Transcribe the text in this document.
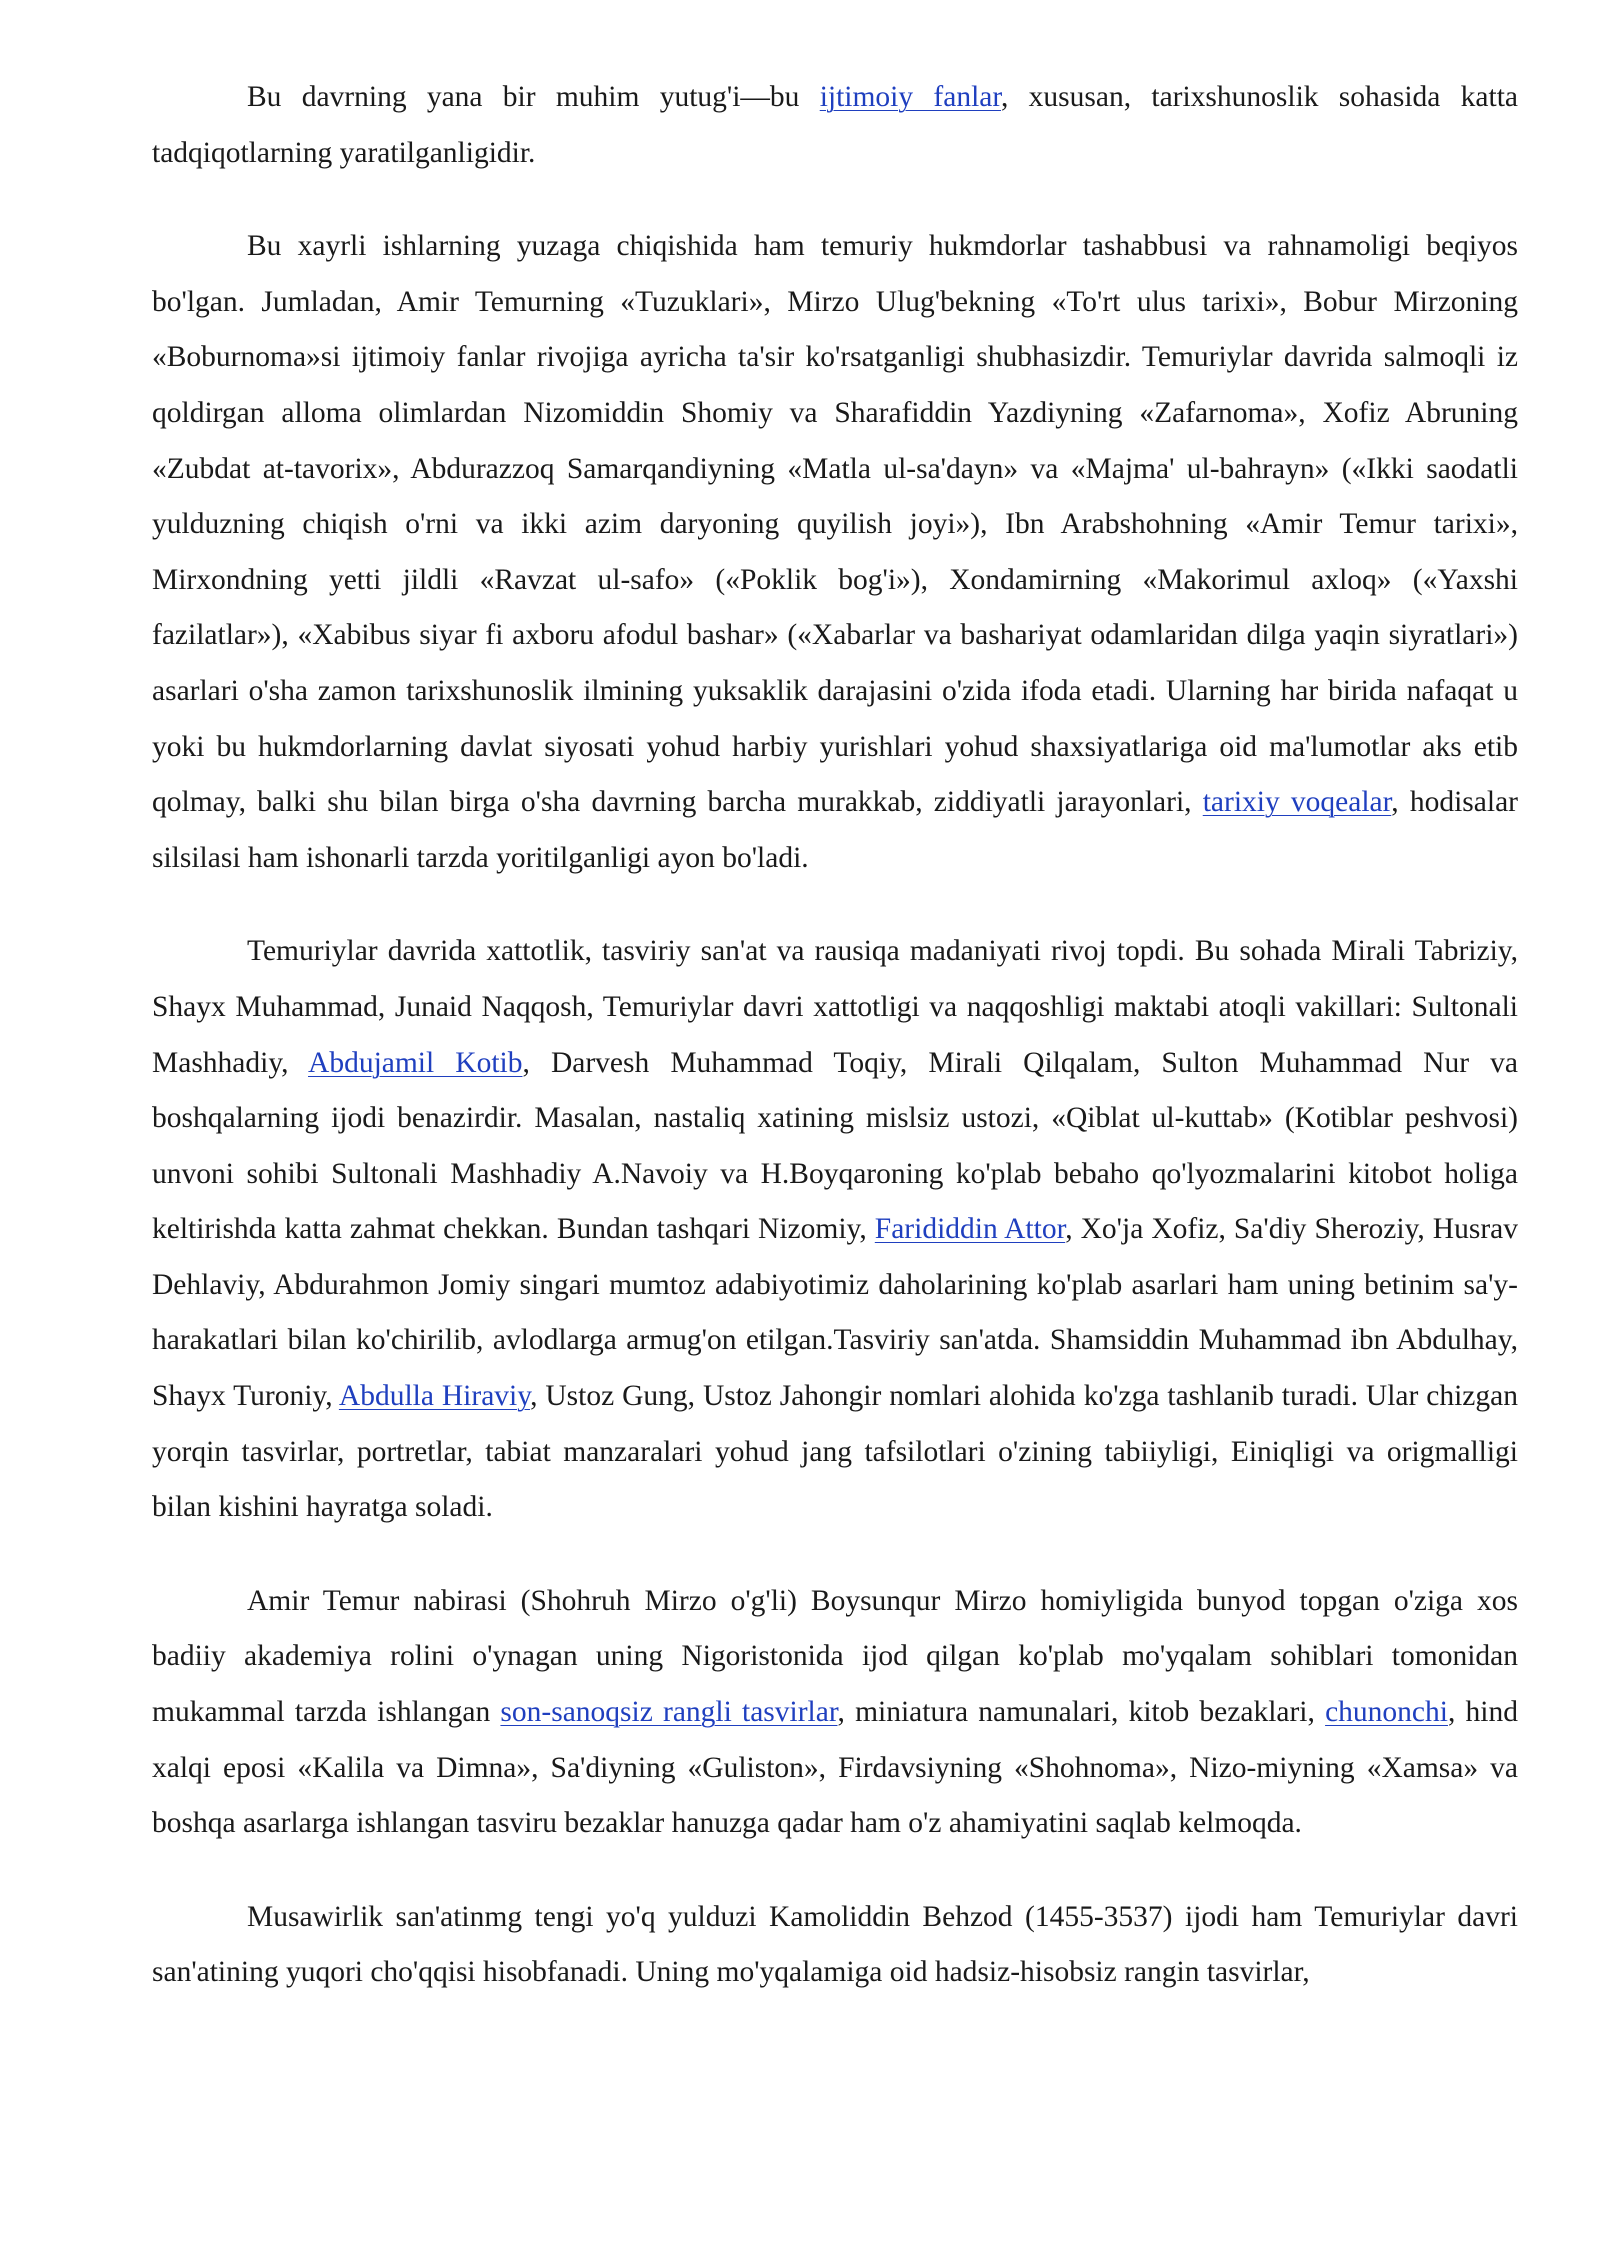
Bu davrning yana bir muhim yutug'i—bu ijtimoiy fanlar, xususan, tarixshunoslik sohasida katta tadqiqotlarning yaratilganligidir.

Bu xayrli ishlarning yuzaga chiqishida ham temuriy hukmdorlar tashabbusi va rahnamoligi beqiyos bo'lgan. Jumladan, Amir Temurning «Tuzuklari», Mirzo Ulug'bekning «To'rt ulus tarixi», Bobur Mirzoning «Boburnoma»si ijtimoiy fanlar rivojiga ayricha ta'sir ko'rsatganligi shubhasizdir. Temuriylar davrida salmoqli iz qoldirgan alloma olimlardan Nizomiddin Shomiy va Sharafiddin Yazdiyning «Zafarnoma», Xofiz Abruning «Zubdat at-tavorix», Abdurazzoq Samarqandiyning «Matla ul-sa'dayn» va «Majma' ul-bahrayn» («Ikki saodatli yulduzning chiqish o'rni va ikki azim daryoning quyilish joyi»), Ibn Arabshohning «Amir Temur tarixi», Mirxondning yetti jildli «Ravzat ul-safo» («Poklik bog'i»), Xondamirning «Makorimul axloq» («Yaxshi fazilatlar»), «Xabibus siyar fi axboru afodul bashar» («Xabarlar va bashariyat odamlaridan dilga yaqin siyratlari») asarlari o'sha zamon tarixshunoslik ilmining yuksaklik darajasini o'zida ifoda etadi. Ularning har birida nafaqat u yoki bu hukmdorlarning davlat siyosati yohud harbiy yurishlari yohud shaxsiyatlariga oid ma'lumotlar aks etib qolmay, balki shu bilan birga o'sha davrning barcha murakkab, ziddiyatli jarayonlari, tarixiy voqealar, hodisalar silsilasi ham ishonarli tarzda yoritilganligi ayon bo'ladi.

Temuriylar davrida xattotlik, tasviriy san'at va rausiqa madaniyati rivoj topdi. Bu sohada Mirali Tabriziy, Shayx Muhammad, Junaid Naqqosh, Temuriylar davri xattotligi va naqqoshligi maktabi atoqli vakillari: Sultonali Mashhadiy, Abdujamil Kotib, Darvesh Muhammad Toqiy, Mirali Qilqalam, Sulton Muhammad Nur va boshqalarning ijodi benazirdir. Masalan, nastaliq xatining mislsiz ustozi, «Qiblat ul-kuttab» (Kotiblar peshvosi) unvoni sohibi Sultonali Mashhadiy A.Navoiy va H.Boyqaroning ko'plab bebaho qo'lyozmalarini kitobot holiga keltirishda katta zahmat chekkan. Bundan tashqari Nizomiy, Farididdin Attor, Xo'ja Xofiz, Sa'diy Sheroziy, Husrav Dehlaviy, Abdurahmon Jomiy singari mumtoz adabiyotimiz daholarining ko'plab asarlari ham uning betinim sa'y-harakatlari bilan ko'chirilib, avlodlarga armug'on etilgan.Tasviriy san'atda. Shamsiddin Muhammad ibn Abdulhay, Shayx Turoniy, Abdulla Hiraviy, Ustoz Gung, Ustoz Jahongir nomlari alohida ko'zga tashlanib turadi. Ular chizgan yorqin tasvirlar, portretlar, tabiat manzaralari yohud jang tafsilotlari o'zining tabiiyligi, Einiqligi va origmalligi bilan kishini hayratga soladi.

Amir Temur nabirasi (Shohruh Mirzo o'g'li) Boysunqur Mirzo homiyligida bunyod topgan o'ziga xos badiiy akademiya rolini o'ynagan uning Nigoristonida ijod qilgan ko'plab mo'yqalam sohiblari tomonidan mukammal tarzda ishlangan son-sanoqsiz rangli tasvirlar, miniatura namunalari, kitob bezaklari, chunonchi, hind xalqi eposi «Kalila va Dimna», Sa'diyning «Guliston», Firdavsiyning «Shohnoma», Nizo-miyning «Xamsa» va boshqa asarlarga ishlangan tasviru bezaklar hanuzga qadar ham o'z ahamiyatini saqlab kelmoqda.

Musawirlik san'atinmg tengi yo'q yulduzi Kamoliddin Behzod (1455-3537) ijodi ham Temuriylar davri san'atining yuqori cho'qqisi hisobfanadi. Uning mo'yqalamiga oid hadsiz-hisobsiz rangin tasvirlar,
